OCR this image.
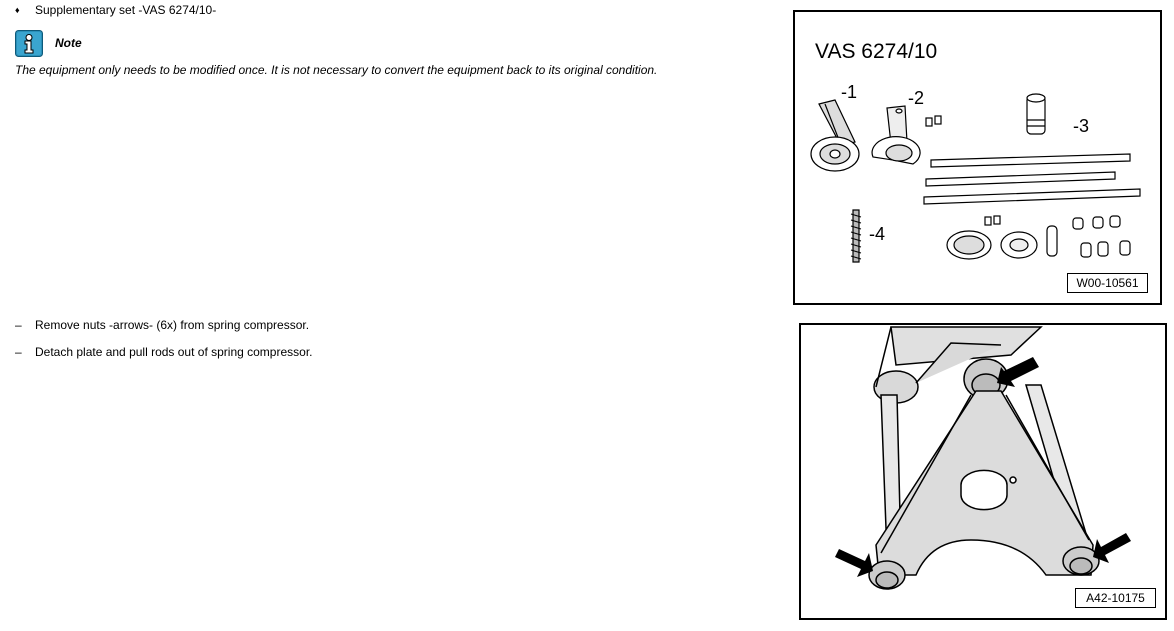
♦ Supplementary set -VAS 6274/10-
Note
The equipment only needs to be modified once. It is not necessary to convert the equipment back to its original condition.
– Remove nuts -arrows- (6x) from spring compressor.
– Detach plate and pull rods out of spring compressor.
VAS 6274/10
-1	-2
-3
-4
W00-10561
A42-10175
